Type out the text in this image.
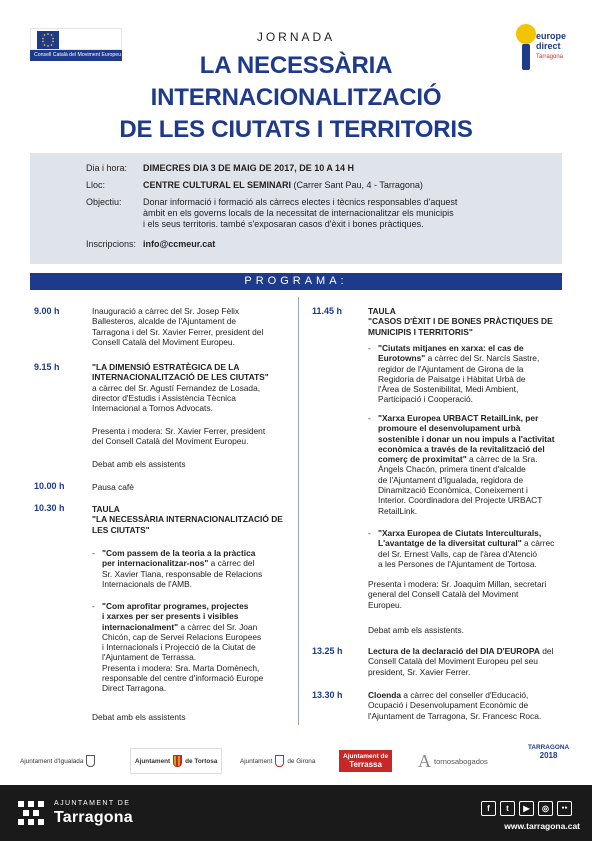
Consell Català del Moviment Europeu
europe
direct
Tarragona
JORNADA
LA NECESSÀRIA
INTERNACIONALITZACIÓ
DE LES CIUTATS I TERRITORIS
Dia i hora: DIMECRES DIA 3 DE MAIG DE 2017, DE 10 A 14 H
Lloc:	CENTRE CULTURAL EL SEMINARI (Carrer Sant Pau, 4 - Tarragona)
Objectiu: Donar informació i formació als càrrecs electes i tècnics responsables d'aquest
àmbit en els governs locals de la necessitat de internacionalitzar els municipis
i els seus territoris. també s'exposaran casos d'èxit i bones pràctiques.
Inscripcions: info@ccmeur.cat
PROGRAMA:
9.00 h	Inauguració a càrrec del Sr. Josep Fèlix
Ballesteros, alcalde de l'Ajuntament de
Tarragona i del Sr. Xavier Ferrer, president del
Consell Català del Moviment Europeu.
9.15 h	"LA DIMENSIÓ ESTRATÈGICA DE LA
INTERNACIONALITZACIÓ DE LES CIUTATS"
a càrrec del Sr. Agustí Fernandez de Losada,
director d'Estudis i Assistència Tècnica
Internacional a Tornos Advocats.
Presenta i modera: Sr. Xavier Ferrer, president
del Consell Català del Moviment Europeu.
Debat amb els assistents
10.00 h	Pausa cafè
10.30 h	TAULA
"LA NECESSÀRIA INTERNACIONALITZACIÓ DE
LES CIUTATS"
- "Com passem de la teoria a la pràctica
per internacionalitzar-nos" a càrrec del
Sr. Xavier Tiana, responsable de Relacions
Internacionals de l'AMB.
- "Com aprofitar programes, projectes
i xarxes per ser presents i visibles
internacionalment" a càrrec del Sr. Joan
Chicón, cap de Servei Relacions Europees
i Internacionals i Projecció de la Ciutat de
l'Ajuntament de Terrassa.
Presenta i modera: Sra. Marta Domènech,
responsable del centre d'informació Europe
Direct Tarragona.
Debat amb els assistents
11.45 h	TAULA
"CASOS D'ÈXIT I DE BONES PRÀCTIQUES DE
MUNICIPIS I TERRITORIS"
- "Ciutats mitjanes en xarxa: el cas de
Eurotowns" a càrrec del Sr. Narcís Sastre,
regidor de l'Ajuntament de Girona de la
Regidoria de Paisatge i Hàbitat Urbà de
l'Àrea de Sostenibilitat, Medi Ambient,
Participació i Cooperació.
- "Xarxa Europea URBACT RetailLink, per
promoure el desenvolupament urbà
sostenible i donar un nou impuls a l'activitat
econòmica a través de la revitalització del
comerç de proximitat" a càrrec de la Sra.
Àngels Chacón, primera tinent d'alcalde
de l'Ajuntament d'Igualada, regidora de
Dinamització Econòmica, Coneixement i
Interior. Coordinadora del Projecte URBACT
RetailLink.
- "Xarxa Europea de Ciutats Interculturals,
L'avantatge de la diversitat cultural" a càrrec
del Sr. Ernest Valls, cap de l'àrea d'Atenció
a les Persones de l'Ajuntament de Tortosa.
Presenta i modera: Sr. Joaquim Millan, secretari
general del Consell Català del Moviment
Europeu.
Debat amb els assistents.
13.25 h	Lectura de la declaració del DIA D'EUROPA del
Consell Català del Moviment Europeu pel seu
president, Sr. Xavier Ferrer.
13.30 h	Cloenda a càrrec del conseller d'Educació,
Ocupació i Desenvolupament Econòmic de
l'Ajuntament de Tarragona, Sr. Francesc Roca.
Ajuntament d'Igualada	Ajuntament de Tortosa	Ajuntament de Girona
Ajuntament de
Terrassa	A tornosabogados
TARRAGONA
2018
AJUNTAMENT DE
Tarragona
f	t	▶	◎	●●
www.tarragona.cat
